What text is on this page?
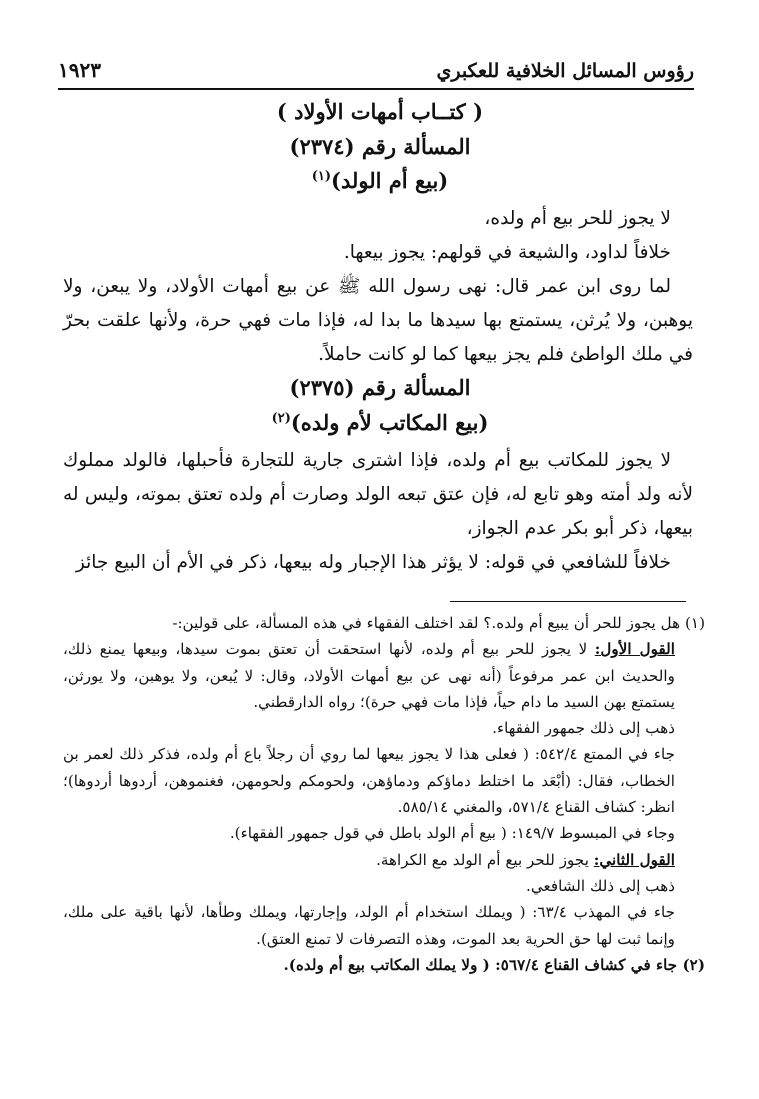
رؤوس المسائل الخلافية للعكبري
١٩٢٣
( كتــاب أمهات الأولاد )
المسألة رقم (٢٣٧٤)
(بيع أم الولد)$^{(١)}$

لا يجوز للحر بيع أم ولده،

خلافاً لداود، والشيعة في قولهم: يجوز بيعها.

لما روى ابن عمر قال: نهى رسول الله ﷺ عن بيع أمهات الأولاد، ولا يبعن، ولا يوهبن، ولا يُرثن، يستمتع بها سيدها ما بدا له، فإذا مات فهي حرة، ولأنها علقت بحرّ في ملك الواطئ فلم يجز بيعها كما لو كانت حاملاً.

المسألة رقم (٢٣٧٥)
(بيع المكاتب لأم ولده)$^{(٢)}$

لا يجوز للمكاتب بيع أم ولده، فإذا اشترى جارية للتجارة فأحبلها، فالولد مملوك لأنه ولد أمته وهو تابع له، فإن عتق تبعه الولد وصارت أم ولده تعتق بموته، وليس له بيعها، ذكر أبو بكر عدم الجواز،

خلافاً للشافعي في قوله: لا يؤثر هذا الإجبار وله بيعها، ذكر في الأم أن البيع جائز

(١) هل يجوز للحر أن يبيع أم ولده.؟ لقد اختلف الفقهاء في هذه المسألة، على قولين:-

القول الأول: لا يجوز للحر بيع أم ولده، لأنها استحقت أن تعتق بموت سيدها، وبيعها يمنع ذلك، والحديث ابن عمر مرفوعاً (أنه نهى عن بيع أمهات الأولاد، وقال: لا يُبعن، ولا يوهبن، ولا يورثن، يستمتع بهن السيد ما دام حياً، فإذا مات فهي حرة)؛ رواه الدارقطني.

ذهب إلى ذلك جمهور الفقهاء.

جاء في الممتع ٥٤٢/٤: ( فعلى هذا لا يجوز بيعها لما روي أن رجلاً باع أم ولده، فذكر ذلك لعمر بن الخطاب، فقال: (أبْعَد ما اختلط دماؤكم ودماؤهن، ولحومكم ولحومهن، فغنموهن، أردوها أردوها)؛ انظر: كشاف القناع ٥٧١/٤، والمغني ٥٨٥/١٤.

وجاء في المبسوط ١٤٩/٧: ( بيع أم الولد باطل في قول جمهور الفقهاء).

القول الثاني: يجوز للحر بيع أم الولد مع الكراهة.

ذهب إلى ذلك الشافعي.

جاء في المهذب ٦٣/٤: ( ويملك استخدام أم الولد، وإجارتها، ويملك وطأها، لأنها باقية على ملك، وإنما ثبت لها حق الحرية بعد الموت، وهذه التصرفات لا تمنع العتق).

(٢) جاء في كشاف القناع ٥٦٧/٤: ( ولا يملك المكاتب بيع أم ولده).
